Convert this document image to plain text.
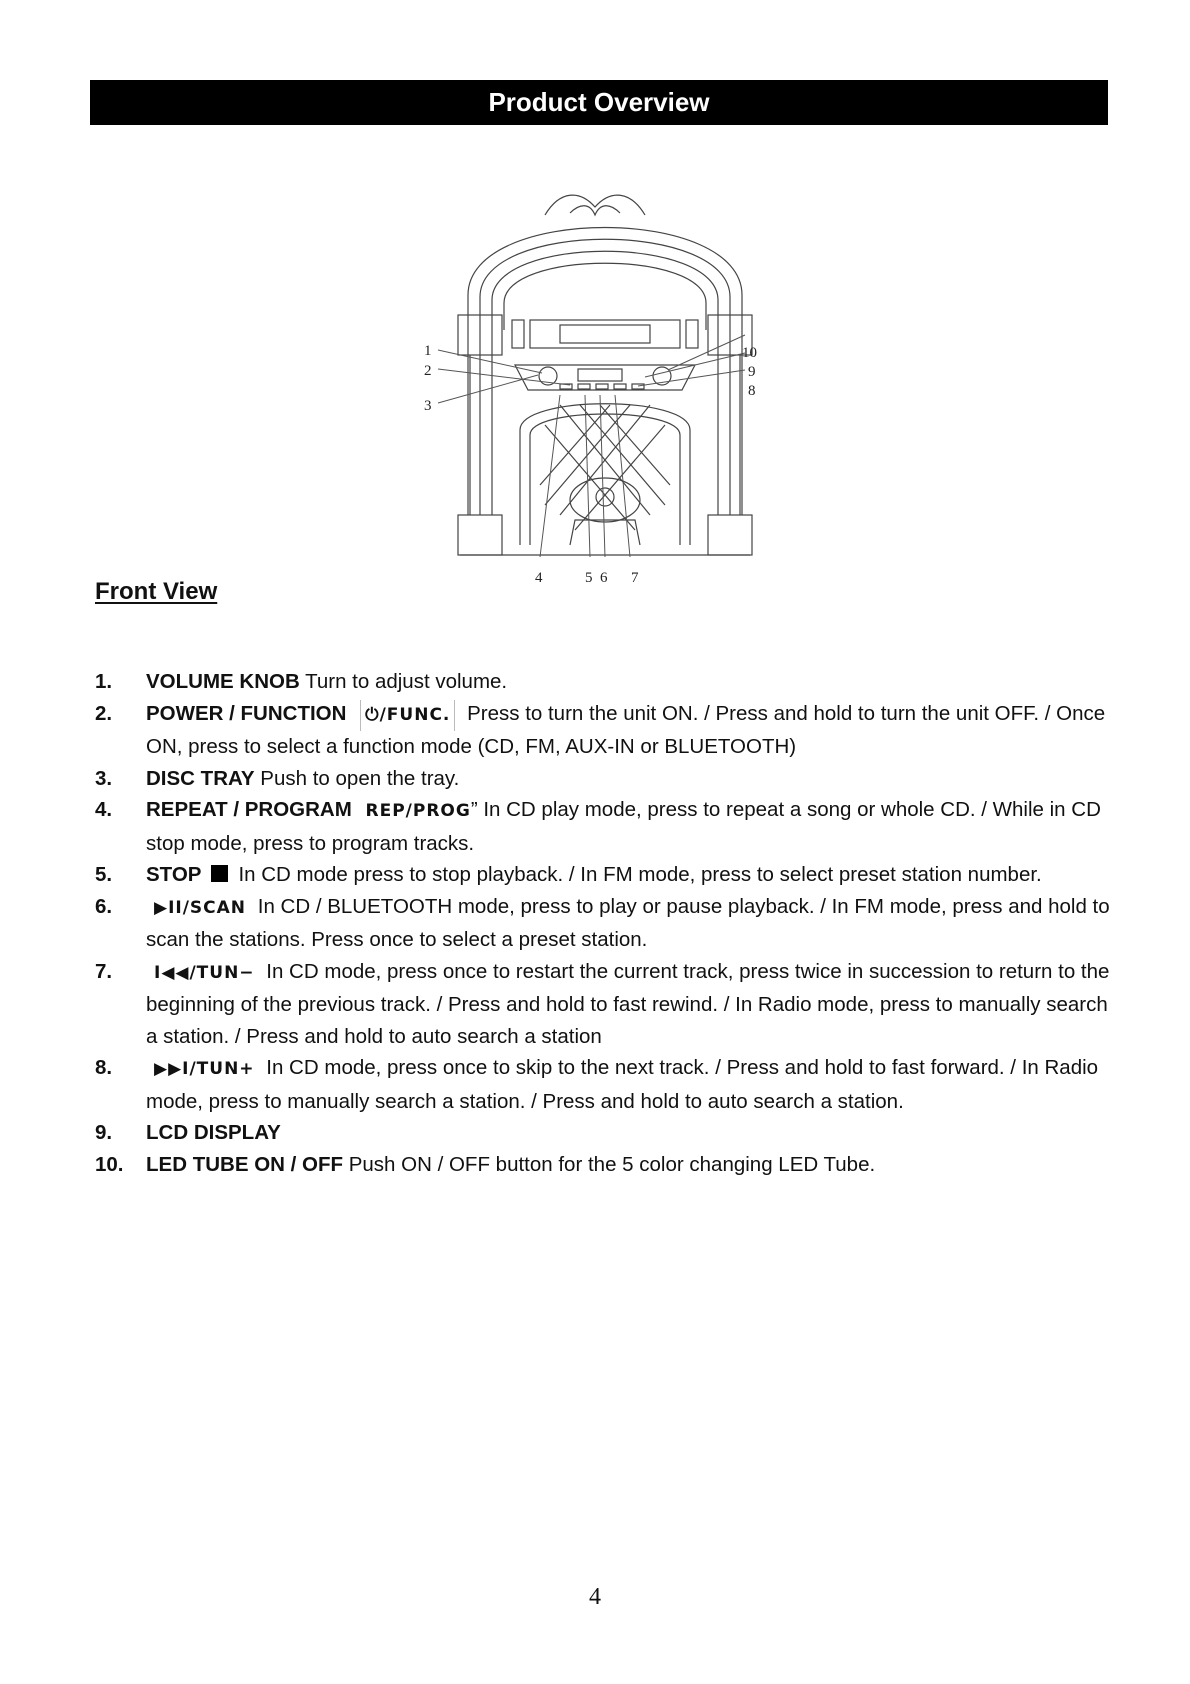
Product Overview
1
2
3
4	5 6 7
8
9
10
Front View
1. VOLUME KNOB Turn to adjust volume.
2. POWER / FUNCTION ⏻/FUNC. Press to turn the unit ON. / Press and hold to turn the unit OFF. / Once ON, press to select a function mode (CD, FM, AUX-IN or BLUETOOTH)
3. DISC TRAY Push to open the tray.
4. REPEAT / PROGRAM REP/PROG” In CD play mode, press to repeat a song or whole CD. / While in CD stop mode, press to program tracks.
5. STOP In CD mode press to stop playback. / In FM mode, press to select preset station number.
6. ▶II/SCAN In CD / BLUETOOTH mode, press to play or pause playback. / In FM mode, press and hold to scan the stations. Press once to select a preset station.
7. I◀◀/TUN− In CD mode, press once to restart the current track, press twice in succession to return to the beginning of the previous track. / Press and hold to fast rewind. / In Radio mode, press to manually search a station. / Press and hold to auto search a station
8. ▶▶I/TUN+ In CD mode, press once to skip to the next track. / Press and hold to fast forward. / In Radio mode, press to manually search a station. / Press and hold to auto search a station.
9. LCD DISPLAY
10. LED TUBE ON / OFF Push ON / OFF button for the 5 color changing LED Tube.
4
